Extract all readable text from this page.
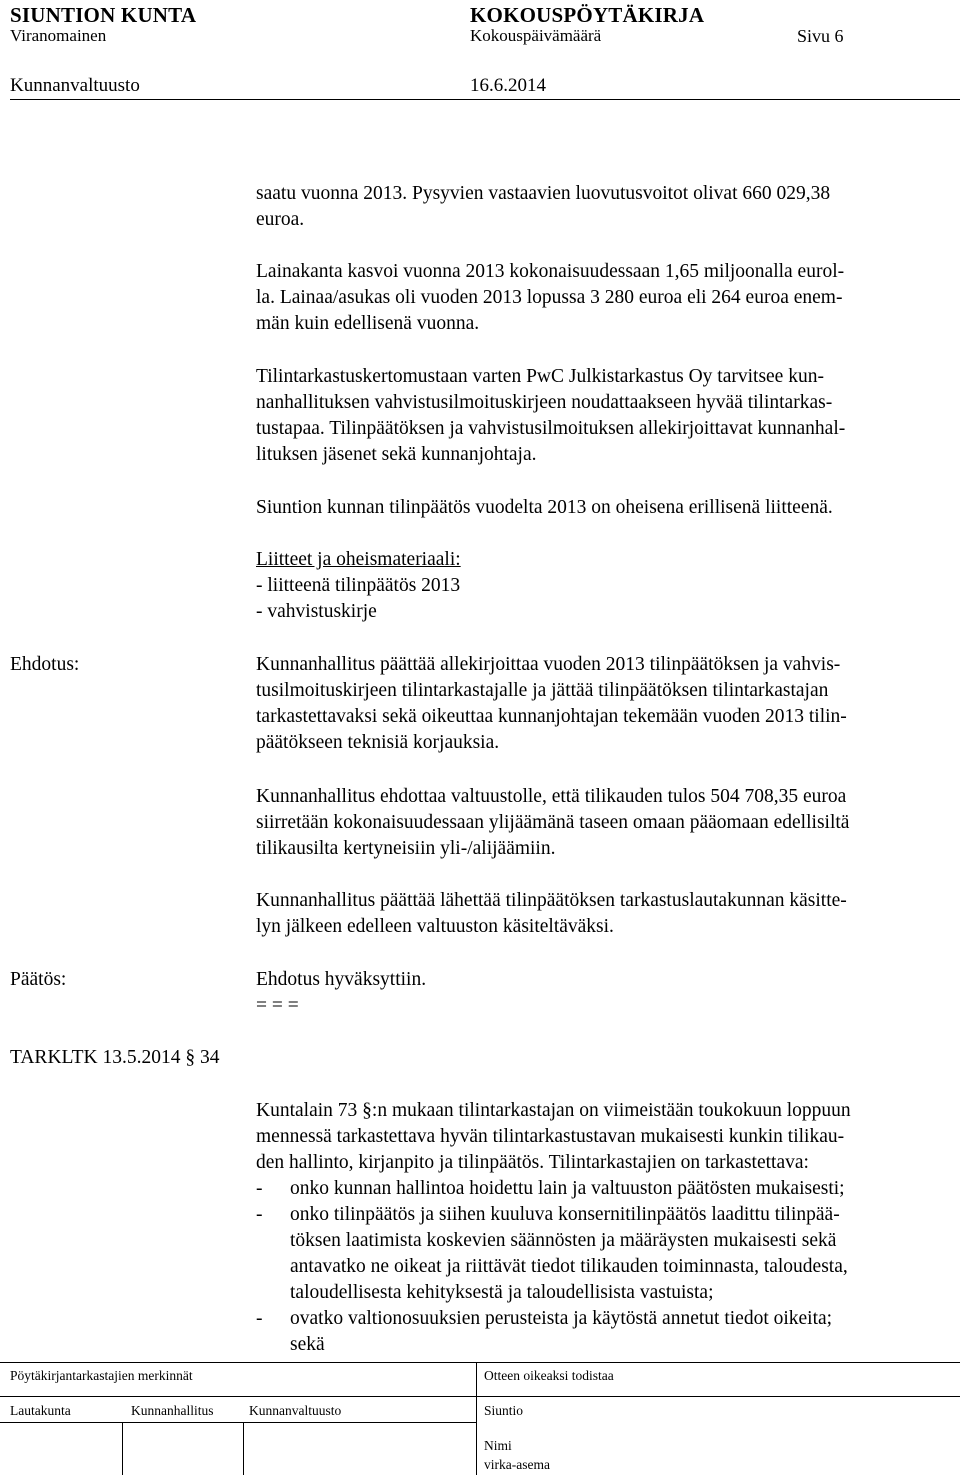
SIUNTION KUNTA	KOKOUSPÖYTÄKIRJA
Viranomainen	Kokouspäivämäärä	Sivu 6
Kunnanvaltuusto	16.6.2014
saatu vuonna 2013. Pysyvien vastaavien luovutusvoitot olivat 660 029,38
euroa.
Lainakanta kasvoi vuonna 2013 kokonaisuudessaan 1,65 miljoonalla eurol-
la. Lainaa/asukas oli vuoden 2013 lopussa 3 280 euroa eli 264 euroa enem-
män kuin edellisenä vuonna.
Tilintarkastuskertomustaan varten PwC Julkistarkastus Oy tarvitsee kun-
nanhallituksen vahvistusilmoituskirjeen noudattaakseen hyvää tilintarkas-
tustapaa. Tilinpäätöksen ja vahvistusilmoituksen allekirjoittavat kunnanhal-
lituksen jäsenet sekä kunnanjohtaja.
Siuntion kunnan tilinpäätös vuodelta 2013 on oheisena erillisenä liitteenä.
Liitteet ja oheismateriaali:
- liitteenä tilinpäätös 2013
- vahvistuskirje
Ehdotus:	Kunnanhallitus päättää allekirjoittaa vuoden 2013 tilinpäätöksen ja vahvis-
tusilmoituskirjeen tilintarkastajalle ja jättää tilinpäätöksen tilintarkastajan
tarkastettavaksi sekä oikeuttaa kunnanjohtajan tekemään vuoden 2013 tilin-
päätökseen teknisiä korjauksia.
Kunnanhallitus ehdottaa valtuustolle, että tilikauden tulos 504 708,35 euroa
siirretään kokonaisuudessaan ylijäämänä taseen omaan pääomaan edellisiltä
tilikausilta kertyneisiin yli-/alijäämiin.
Kunnanhallitus päättää lähettää tilinpäätöksen tarkastuslautakunnan käsitte-
lyn jälkeen edelleen valtuuston käsiteltäväksi.
Päätös:	Ehdotus hyväksyttiin.
= = =
TARKLTK 13.5.2014 § 34
Kuntalain 73 §:n mukaan tilintarkastajan on viimeistään toukokuun loppuun
mennessä tarkastettava hyvän tilintarkastustavan mukaisesti kunkin tilikau-
den hallinto, kirjanpito ja tilinpäätös. Tilintarkastajien on tarkastettava:
- onko kunnan hallintoa hoidettu lain ja valtuuston päätösten mukaisesti;
- onko tilinpäätös ja siihen kuuluva konsernitilinpäätös laadittu tilinpää-
töksen laatimista koskevien säännösten ja määräysten mukaisesti sekä
antavatko ne oikeat ja riittävät tiedot tilikauden toiminnasta, taloudesta,
taloudellisesta kehityksestä ja taloudellisista vastuista;
- ovatko valtionosuuksien perusteista ja käytöstä annetut tiedot oikeita;
sekä
Pöytäkirjantarkastajien merkinnät	Otteen oikeaksi todistaa
Lautakunta	Kunnanhallitus	Kunnanvaltuusto	Siuntio
Nimi
virka-asema
